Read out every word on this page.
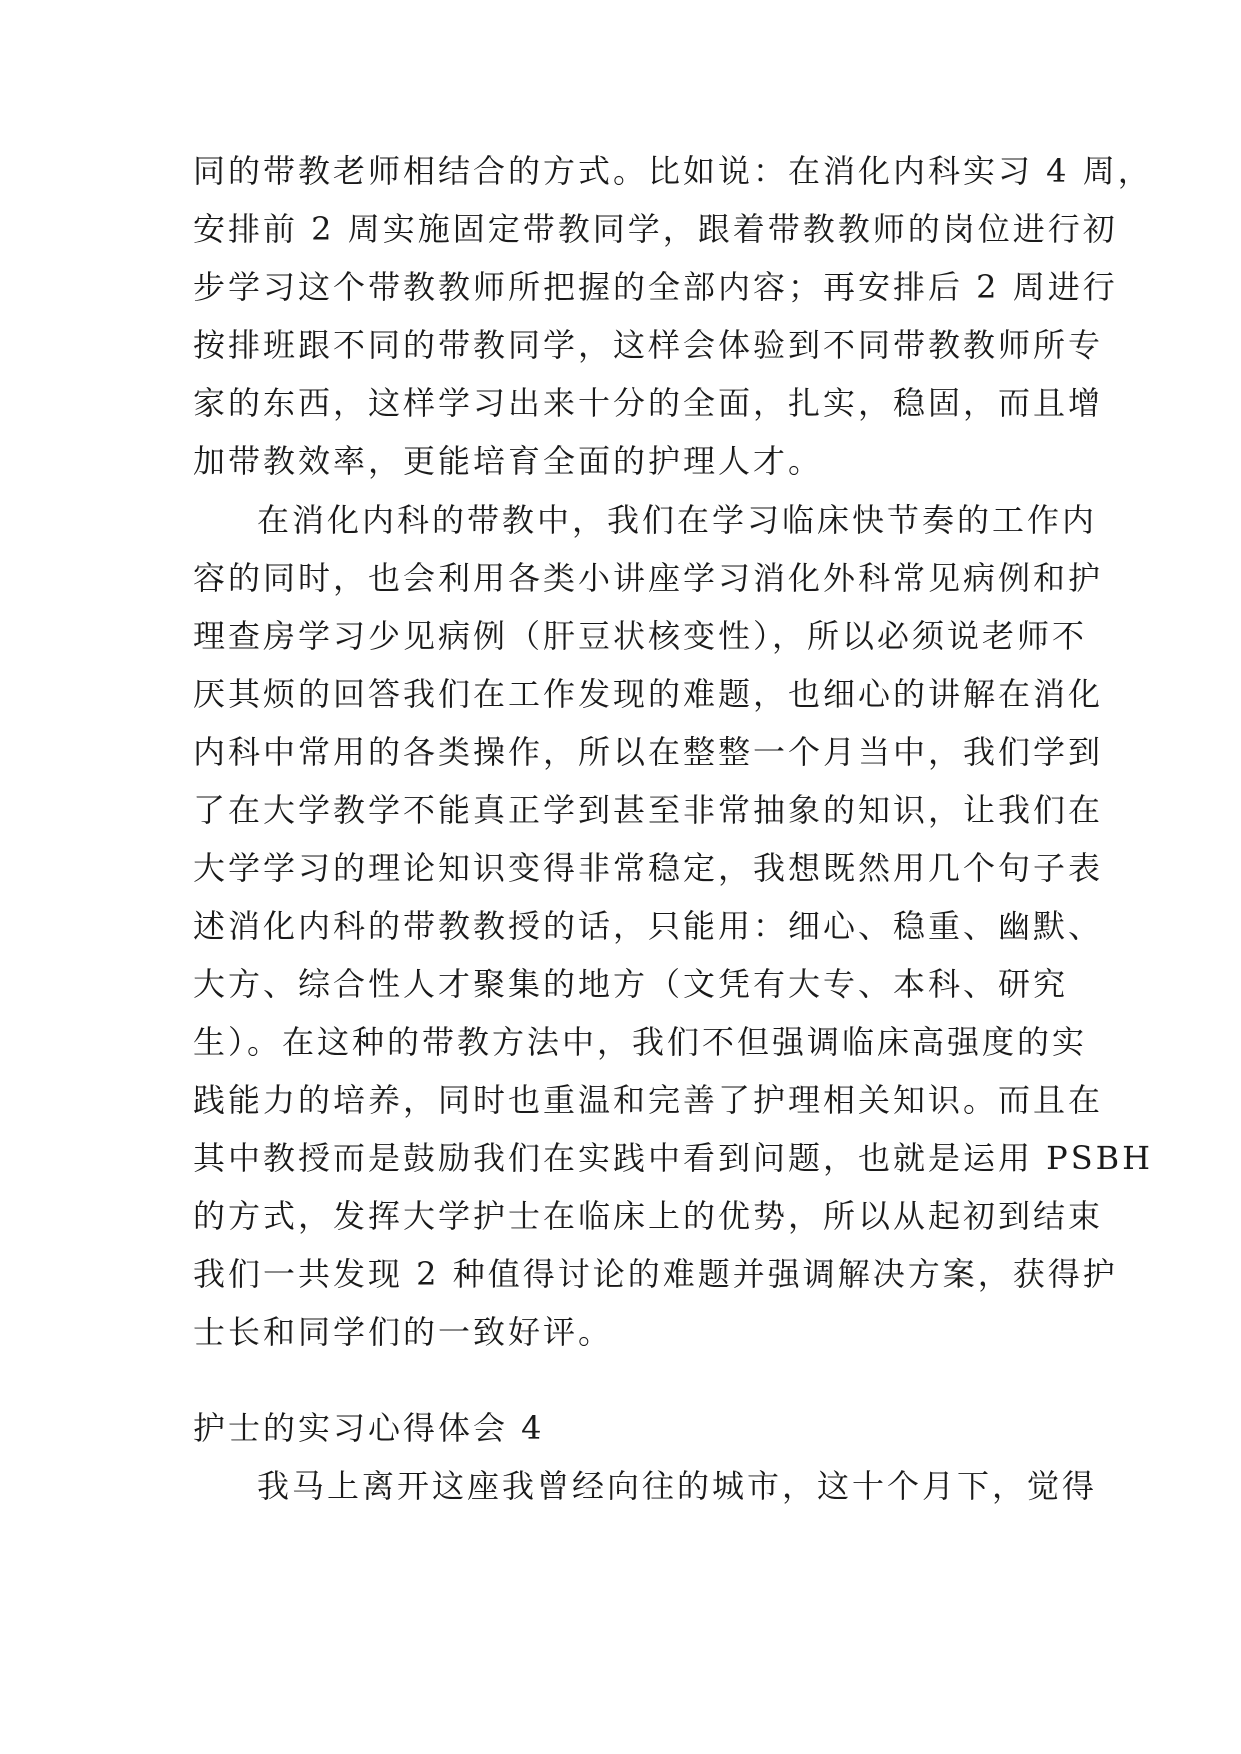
同的带教老师相结合的方式。比如说：在消化内科实习 4 周，
安排前 2 周实施固定带教同学，跟着带教教师的岗位进行初
步学习这个带教教师所把握的全部内容；再安排后 2 周进行
按排班跟不同的带教同学，这样会体验到不同带教教师所专
家的东西，这样学习出来十分的全面，扎实，稳固，而且增
加带教效率，更能培育全面的护理人才。
在消化内科的带教中，我们在学习临床快节奏的工作内
容的同时，也会利用各类小讲座学习消化外科常见病例和护
理查房学习少见病例（肝豆状核变性），所以必须说老师不
厌其烦的回答我们在工作发现的难题，也细心的讲解在消化
内科中常用的各类操作，所以在整整一个月当中，我们学到
了在大学教学不能真正学到甚至非常抽象的知识，让我们在
大学学习的理论知识变得非常稳定，我想既然用几个句子表
述消化内科的带教教授的话，只能用：细心、稳重、幽默、
大方、综合性人才聚集的地方（文凭有大专、本科、研究
生）。在这种的带教方法中，我们不但强调临床高强度的实
践能力的培养，同时也重温和完善了护理相关知识。而且在
其中教授而是鼓励我们在实践中看到问题，也就是运用 PSBH
的方式，发挥大学护士在临床上的优势，所以从起初到结束
我们一共发现 2 种值得讨论的难题并强调解决方案，获得护
士长和同学们的一致好评。
护士的实习心得体会 4
我马上离开这座我曾经向往的城市，这十个月下，觉得
